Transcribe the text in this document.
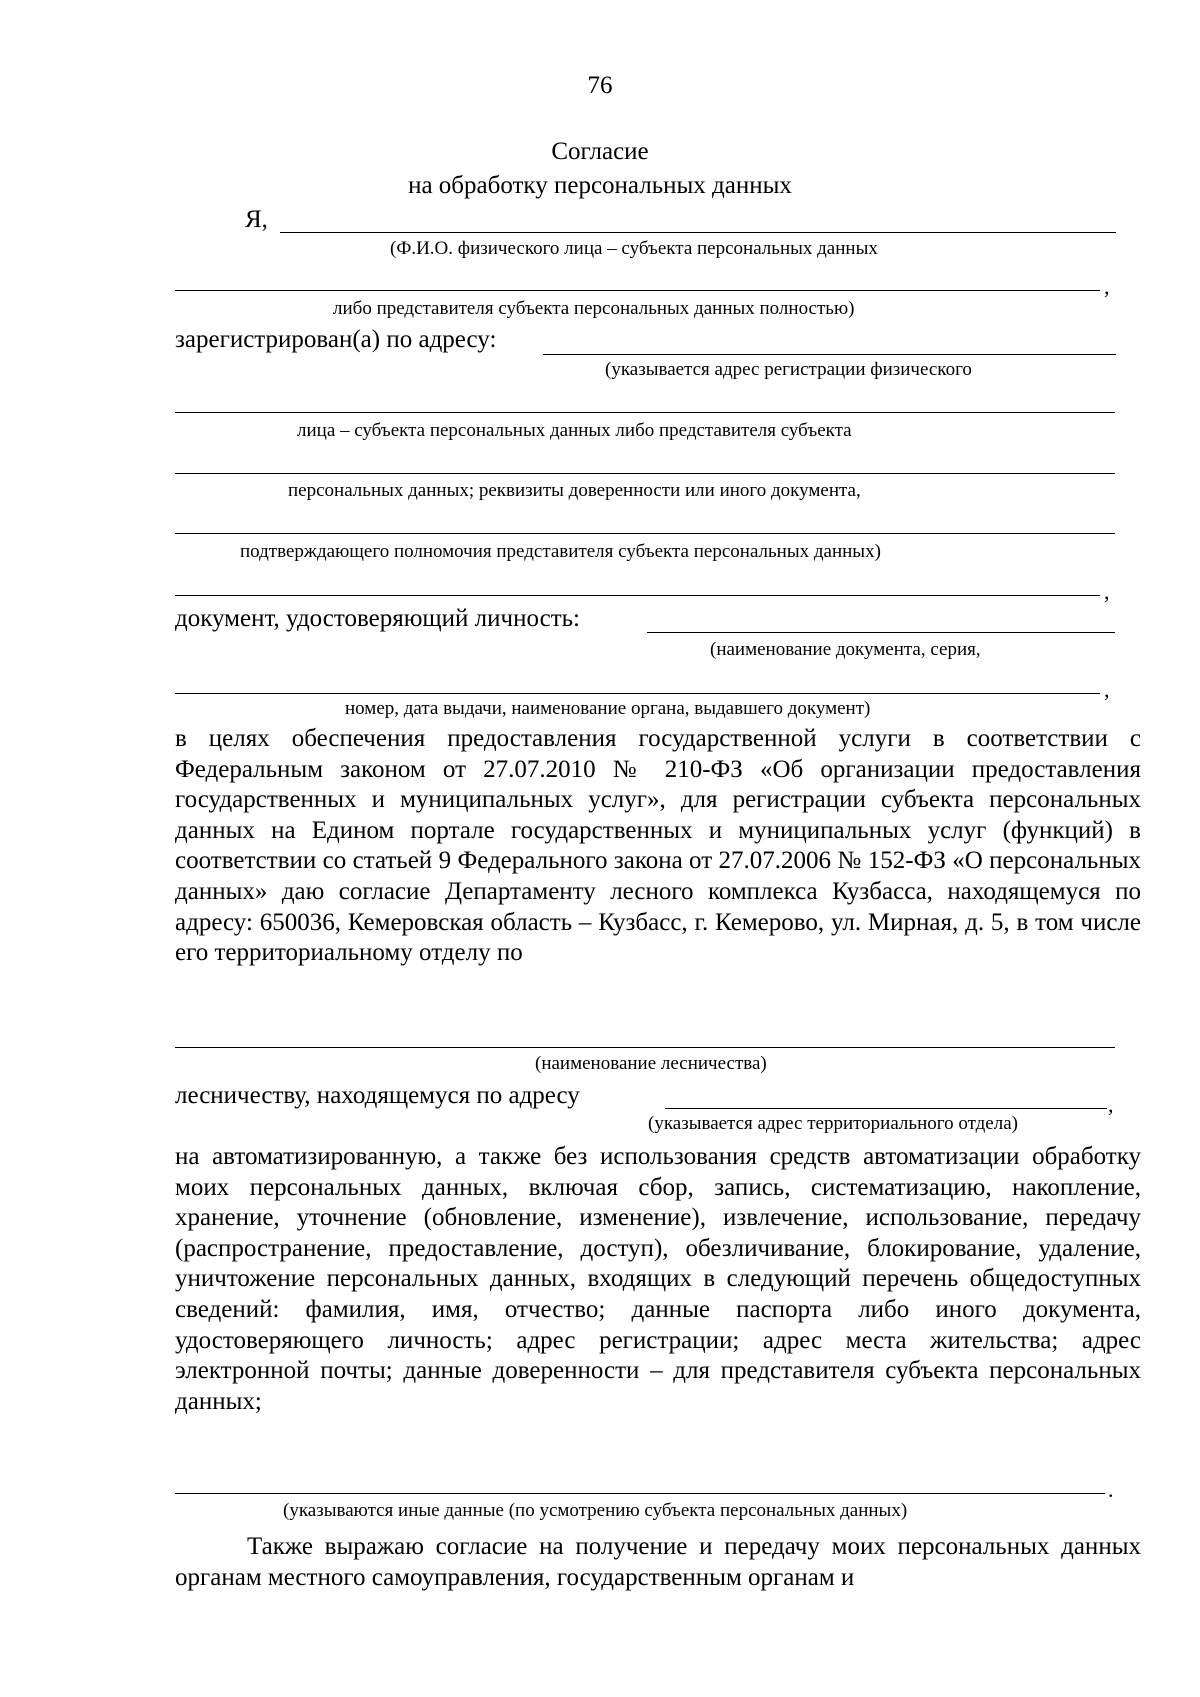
76
Согласие
на обработку персональных данных
Я,
(Ф.И.О. физического лица – субъекта персональных данных
,
либо представителя субъекта персональных данных полностью)
зарегистрирован(а) по адресу:
(указывается адрес регистрации физического
лица – субъекта персональных данных либо представителя субъекта
персональных данных; реквизиты доверенности или иного документа,
подтверждающего полномочия представителя субъекта персональных данных)
,
документ, удостоверяющий личность:
(наименование документа, серия,
,
номер, дата выдачи, наименование органа, выдавшего документ)

в целях обеспечения предоставления государственной услуги в соответствии с Федеральным законом от 27.07.2010 № 210-ФЗ «Об организации предоставления государственных и муниципальных услуг», для регистрации субъекта персональных данных на Едином портале государственных и муниципальных услуг (функций) в соответствии со статьей 9 Федерального закона от 27.07.2006 № 152-ФЗ «О персональных данных» даю согласие Департаменту лесного комплекса Кузбасса, находящемуся по адресу: 650036, Кемеровская область – Кузбасс, г. Кемерово, ул. Мирная, д. 5, в том числе его территориальному отделу по

(наименование лесничества)
лесничеству, находящемуся по адресу	,
(указывается адрес территориального отдела)

на автоматизированную, а также без использования средств автоматизации обработку моих персональных данных, включая сбор, запись, систематизацию, накопление, хранение, уточнение (обновление, изменение), извлечение, использование, передачу (распространение, предоставление, доступ), обезличивание, блокирование, удаление, уничтожение персональных данных, входящих в следующий перечень общедоступных сведений: фамилия, имя, отчество; данные паспорта либо иного документа, удостоверяющего личность; адрес регистрации; адрес места жительства; адрес электронной почты; данные доверенности – для представителя субъекта персональных данных;

.
(указываются иные данные (по усмотрению субъекта персональных данных)

Также выражаю согласие на получение и передачу моих персональных данных органам местного самоуправления, государственным органам и
